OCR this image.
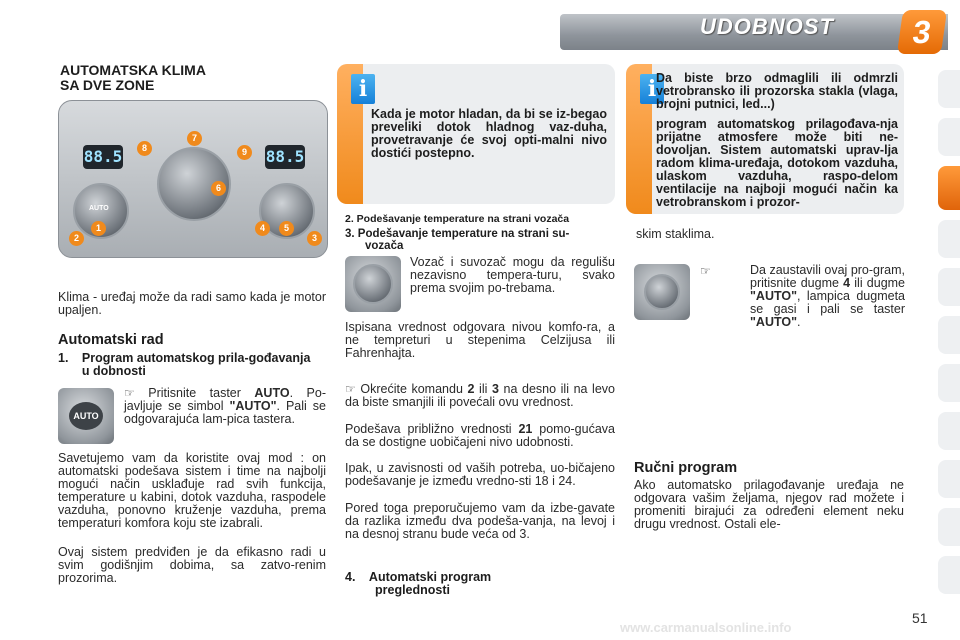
UDOBNOST	3
AUTOMATSKA KLIMA
SA DVE ZONE
88.5	88.5
AUTO
2
1
8
7
9
6
5
4
3

Klima - uređaj može da radi samo kada je motor upaljen.

Automatski rad
1. Program automatskog prila-gođavanja u dobnosti
AUTO

☞ Pritisnite taster AUTO. Po- javljuje se simbol "AUTO". Pali se odgovarajuća lam-pica tastera.

Savetujemo vam da koristite ovaj mod : on automatski podešava sistem i time na najbolji mogući način usklađuje rad svih funkcija, temperature u kabini, dotok vazduha, raspodele vazduha, ponovno kruženje vazduha, prema temperaturi komfora koju ste izabrali.

Ovaj sistem predviđen je da efikasno radi u svim godišnjim dobima, sa zatvo-renim prozorima.

i

Kada je motor hladan, da bi se iz-begao preveliki dotok hladnog vaz-duha, provetravanje će svoj opti-malni nivo dostići postepno.

2. Podešavanje temperature na strani vozača
3. Podešavanje temperature na strani su-
vozača

Vozač i suvozač mogu da regulišu nezavisno tempera-turu, svako prema svojim po-trebama.

Ispisana vrednost odgovara nivou komfo-ra, a ne tempreturi u stepenima Celzijusa ili Fahrenhajta.

☞ Okrećite komandu 2 ili 3 na desno ili na levo da biste smanjili ili povećali ovu vrednost.

Podešava približno vrednosti 21 pomo-gućava da se dostigne uobičajeni nivo udobnosti.

Ipak, u zavisnosti od vaših potreba, uo-bičajeno podešavanje je između vredno-sti 18 i 24.

Pored toga preporučujemo vam da izbe-gavate da razlika između dva podeša-vanja, na levoj i na desnoj stranu bude veća od 3.

4. Automatski program
preglednosti
i Da biste brzo odmaglili ili odmrzli vetrobransko ili prozorska stakla (vlaga, brojni putnici, led...)

program automatskog prilagođava-nja prijatne atmosfere može biti ne-dovoljan. Sistem automatski uprav-lja radom klima-uređaja, dotokom vazduha, ulaskom vazduha, raspo-delom ventilacije na najboji mogući način ka vetrobranskom i prozor-

skim staklima.

☞	Da zaustavili ovaj pro-gram, pritisnite dugme 4 ili dugme "AUTO", lampica dugmeta se gasi i pali se taster "AUTO".

Ručni program

Ako automatsko prilagođavanje uređaja ne odgovara vašim željama, njegov rad možete i promeniti birajući za određeni element neku drugu vrednost. Ostali ele-

51
www.carmanualsonline.info
